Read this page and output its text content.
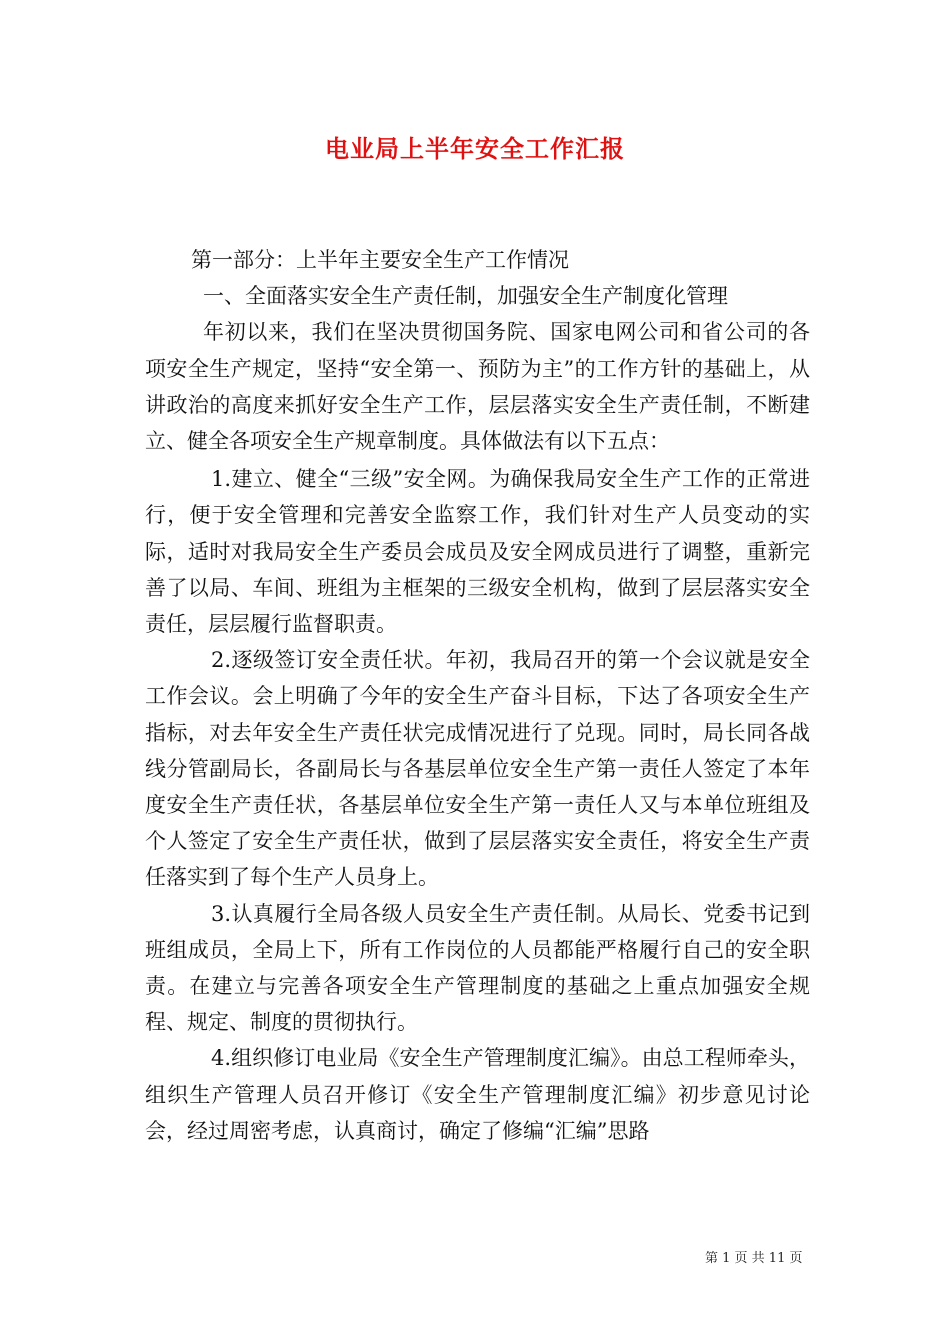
电业局上半年安全工作汇报

第一部分：上半年主要安全生产工作情况

一、全面落实安全生产责任制，加强安全生产制度化管理

年初以来，我们在坚决贯彻国务院、国家电网公司和省公司的各项安全生产规定，坚持“安全第一、预防为主”的工作方针的基础上，从讲政治的高度来抓好安全生产工作，层层落实安全生产责任制，不断建立、健全各项安全生产规章制度。具体做法有以下五点：

1.建立、健全“三级”安全网。为确保我局安全生产工作的正常进行，便于安全管理和完善安全监察工作，我们针对生产人员变动的实际，适时对我局安全生产委员会成员及安全网成员进行了调整，重新完善了以局、车间、班组为主框架的三级安全机构，做到了层层落实安全责任，层层履行监督职责。

2.逐级签订安全责任状。年初，我局召开的第一个会议就是安全工作会议。会上明确了今年的安全生产奋斗目标，下达了各项安全生产指标，对去年安全生产责任状完成情况进行了兑现。同时，局长同各战线分管副局长，各副局长与各基层单位安全生产第一责任人签定了本年度安全生产责任状，各基层单位安全生产第一责任人又与本单位班组及个人签定了安全生产责任状，做到了层层落实安全责任，将安全生产责任落实到了每个生产人员身上。

3.认真履行全局各级人员安全生产责任制。从局长、党委书记到班组成员，全局上下，所有工作岗位的人员都能严格履行自己的安全职责。在建立与完善各项安全生产管理制度的基础之上重点加强安全规程、规定、制度的贯彻执行。

4.组织修订电业局《安全生产管理制度汇编》。由总工程师牵头，组织生产管理人员召开修订《安全生产管理制度汇编》初步意见讨论会，经过周密考虑，认真商讨，确定了修编“汇编”思路

第 1 页 共 11 页
